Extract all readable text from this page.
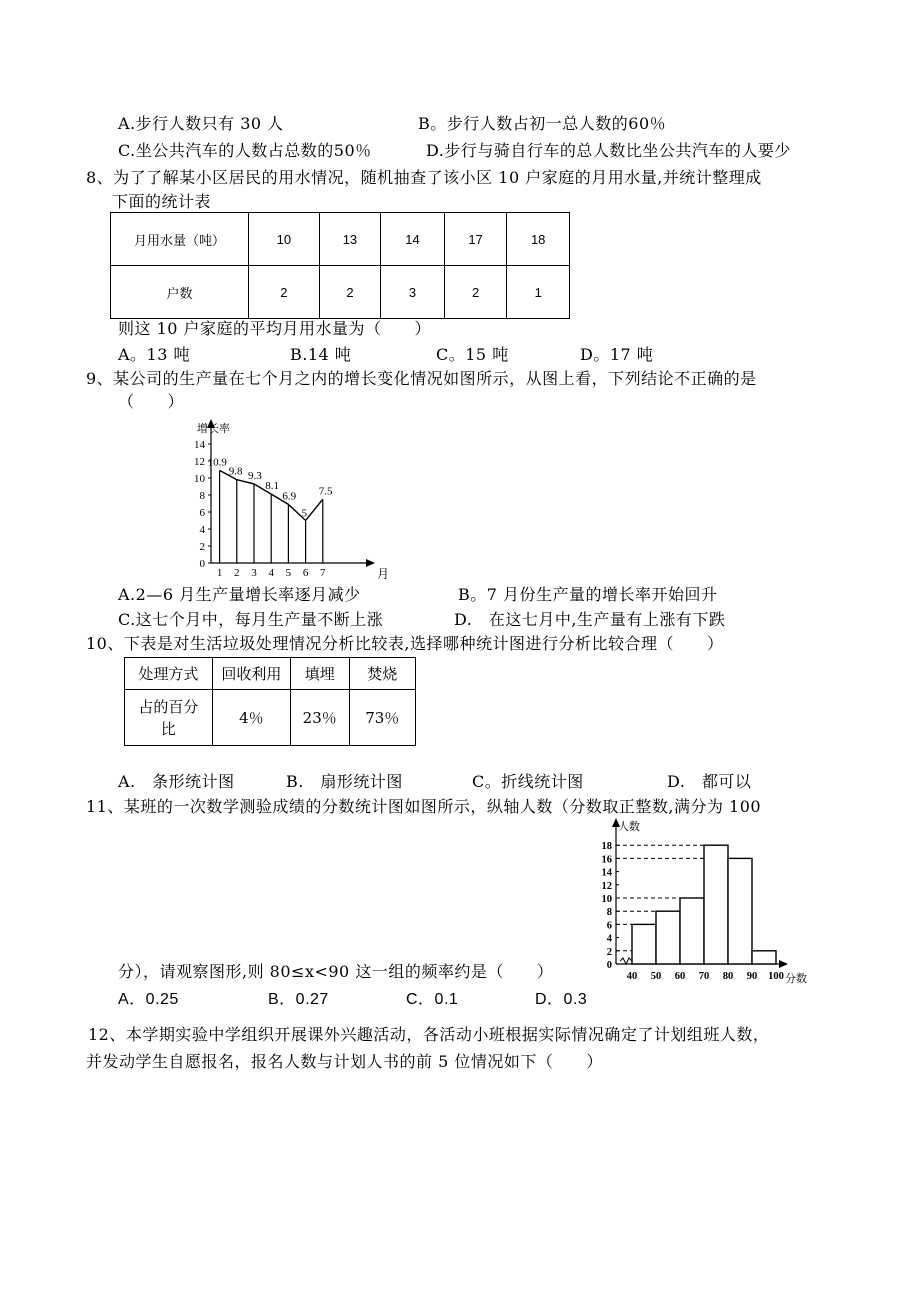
A.步行人数只有 30 人	B。步行人数占初一总人数的60％
C.坐公共汽车的人数占总数的50％	D.步行与骑自行车的总人数比坐公共汽车的人要少
8、为了了解某小区居民的用水情况，随机抽查了该小区 10 户家庭的月用水量,并统计整理成
下面的统计表
月用水量（吨）	10	13	14	17	18
户数	2	2	3	2	1
则这 10 户家庭的平均月用水量为（　　）
A。13 吨	B.14 吨	C。15 吨	D。17 吨
9、某公司的生产量在七个月之内的增长变化情况如图所示，从图上看，下列结论不正确的是
（　　）
增长率
月
0
2
4
6
8
10
12
14
1 2 3 4 5 6 7
10.9
9.8 9.3
8.1
6.9
5
7.5
A.2—6 月生产量增长率逐月减少	B。7 月份生产量的增长率开始回升
C.这七个月中，每月生产量不断上涨	D.　在这七月中,生产量有上涨有下跌
10、下表是对生活垃圾处理情况分析比较表,选择哪种统计图进行分析比较合理（　　）
处理方式	回收利用	填埋	焚烧

占的百分
比	4％	23％	73％
A.　条形统计图	B.　扇形统计图	C。折线统计图	D.　都可以
11、某班的一次数学测验成绩的分数统计图如图所示，纵轴人数（分数取正整数,满分为 100
人数
分数
0
2
4
6
8
10
12
14
16
18
40 50 60 70 80 90 100
分），请观察图形,则 80≤x<90 这一组的频率约是（　　）
A．0.25	B．0.27	C．0.1	D．0.3
12、本学期实验中学组织开展课外兴趣活动，各活动小班根据实际情况确定了计划组班人数，
并发动学生自愿报名，报名人数与计划人书的前 5 位情况如下（　　）
